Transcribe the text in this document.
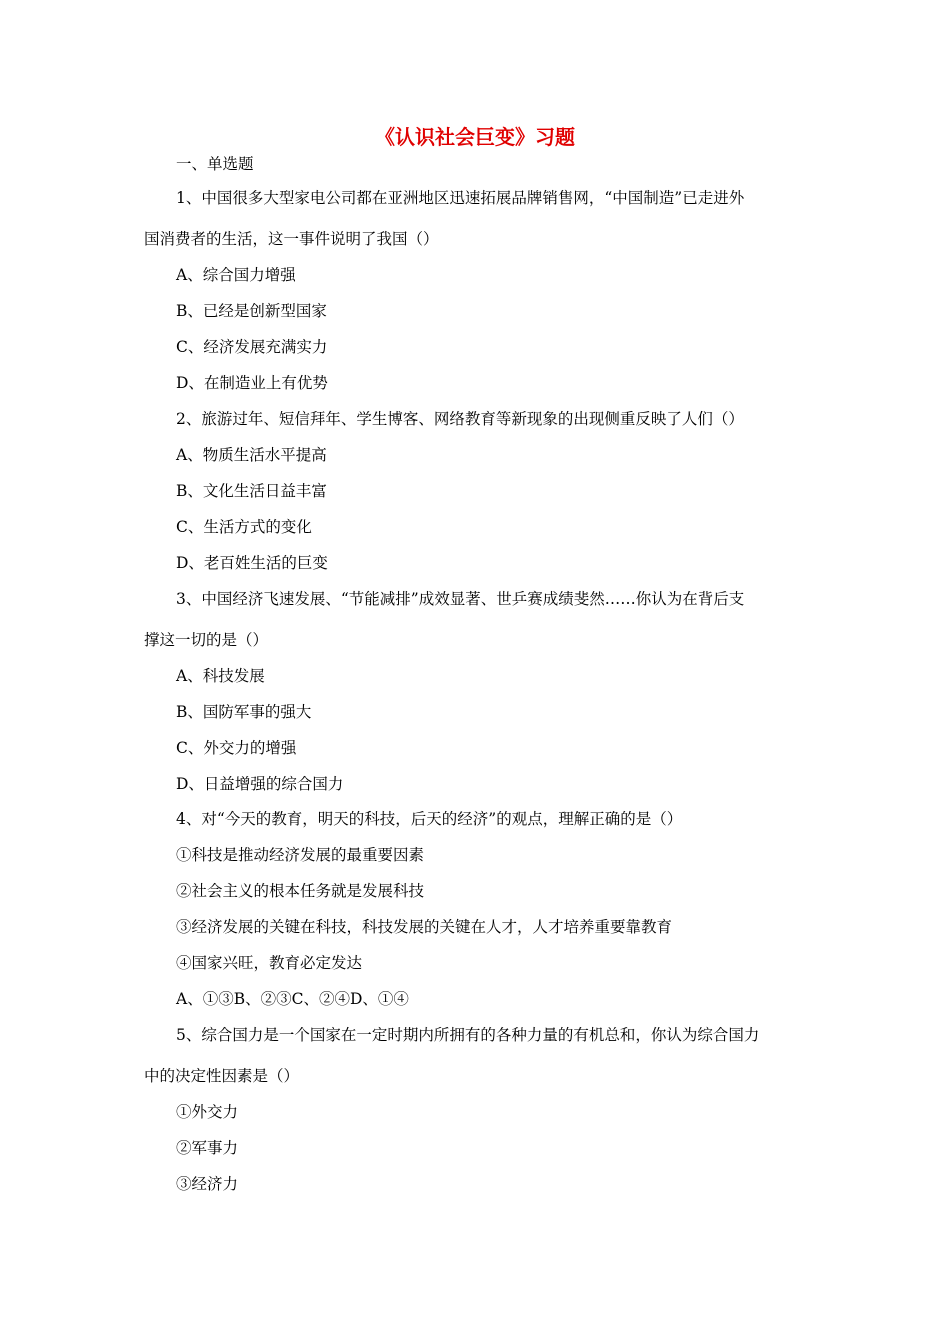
《认识社会巨变》习题
一、单选题
1、中国很多大型家电公司都在亚洲地区迅速拓展品牌销售网，“中国制造”已走进外
国消费者的生活，这一事件说明了我国（）
A、综合国力增强
B、已经是创新型国家
C、经济发展充满实力
D、在制造业上有优势
2、旅游过年、短信拜年、学生博客、网络教育等新现象的出现侧重反映了人们（）
A、物质生活水平提高
B、文化生活日益丰富
C、生活方式的变化
D、老百姓生活的巨变
3、中国经济飞速发展、“节能减排”成效显著、世乒赛成绩斐然……你认为在背后支
撑这一切的是（）
A、科技发展
B、国防军事的强大
C、外交力的增强
D、日益增强的综合国力
4、对“今天的教育，明天的科技，后天的经济”的观点，理解正确的是（）
①科技是推动经济发展的最重要因素
②社会主义的根本任务就是发展科技
③经济发展的关键在科技，科技发展的关键在人才，人才培养重要靠教育
④国家兴旺，教育必定发达
A、①③B、②③C、②④D、①④
5、综合国力是一个国家在一定时期内所拥有的各种力量的有机总和，你认为综合国力
中的决定性因素是（）
①外交力
②军事力
③经济力
